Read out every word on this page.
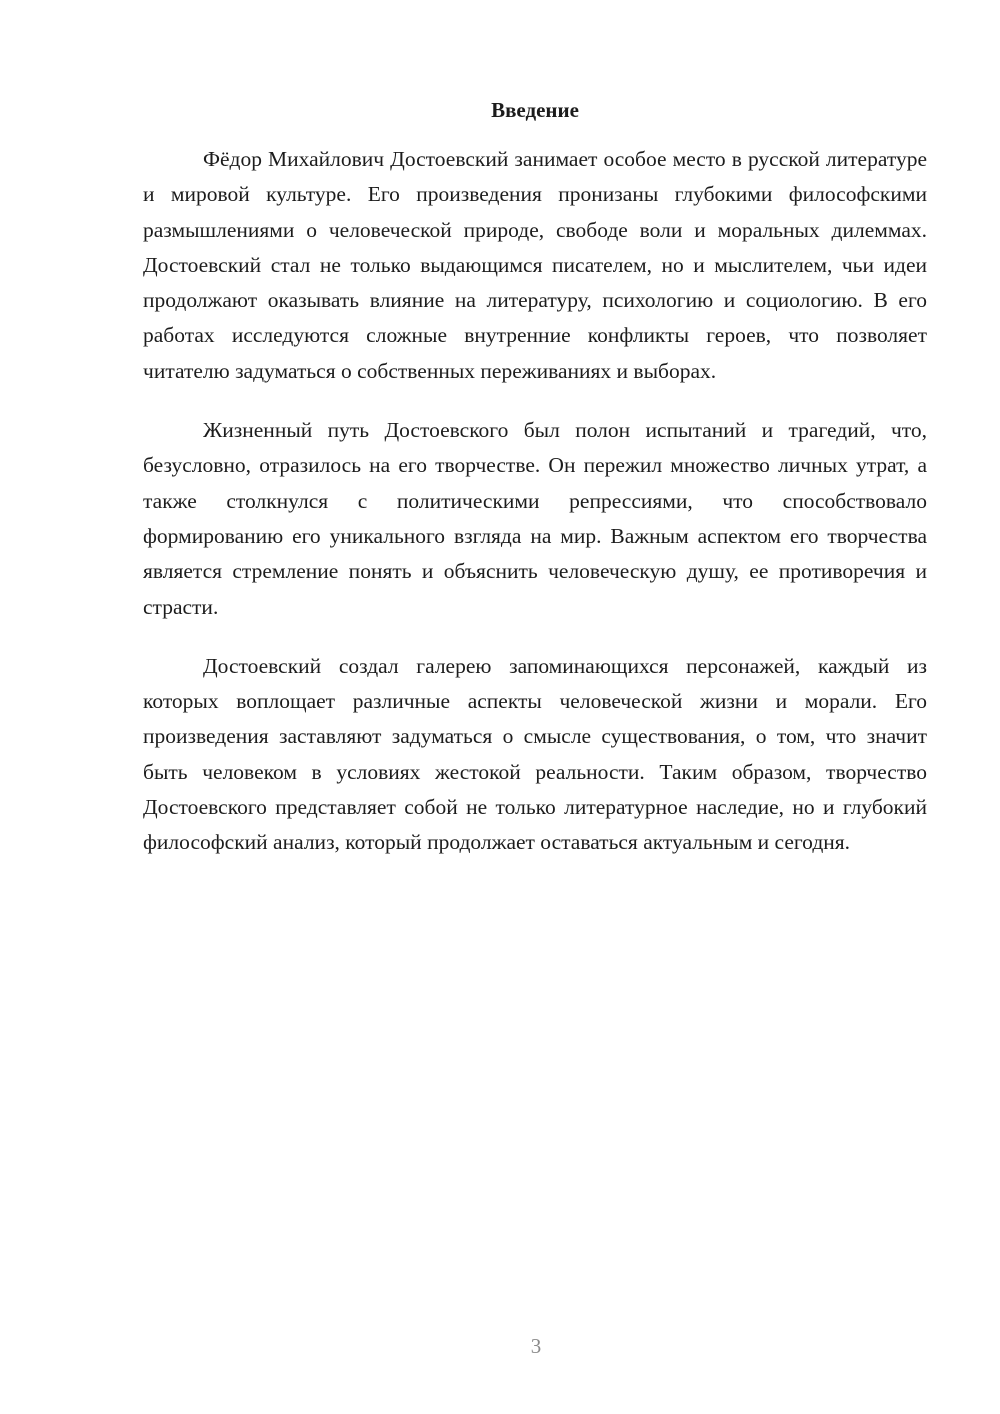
Введение

Фёдор Михайлович Достоевский занимает особое место в русской литературе и мировой культуре. Его произведения пронизаны глубокими философскими размышлениями о человеческой природе, свободе воли и моральных дилеммах. Достоевский стал не только выдающимся писателем, но и мыслителем, чьи идеи продолжают оказывать влияние на литературу, психологию и социологию. В его работах исследуются сложные внутренние конфликты героев, что позволяет читателю задуматься о собственных переживаниях и выборах.

Жизненный путь Достоевского был полон испытаний и трагедий, что, безусловно, отразилось на его творчестве. Он пережил множество личных утрат, а также столкнулся с политическими репрессиями, что способствовало формированию его уникального взгляда на мир. Важным аспектом его творчества является стремление понять и объяснить человеческую душу, ее противоречия и страсти.

Достоевский создал галерею запоминающихся персонажей, каждый из которых воплощает различные аспекты человеческой жизни и морали. Его произведения заставляют задуматься о смысле существования, о том, что значит быть человеком в условиях жестокой реальности. Таким образом, творчество Достоевского представляет собой не только литературное наследие, но и глубокий философский анализ, который продолжает оставаться актуальным и сегодня.

3
